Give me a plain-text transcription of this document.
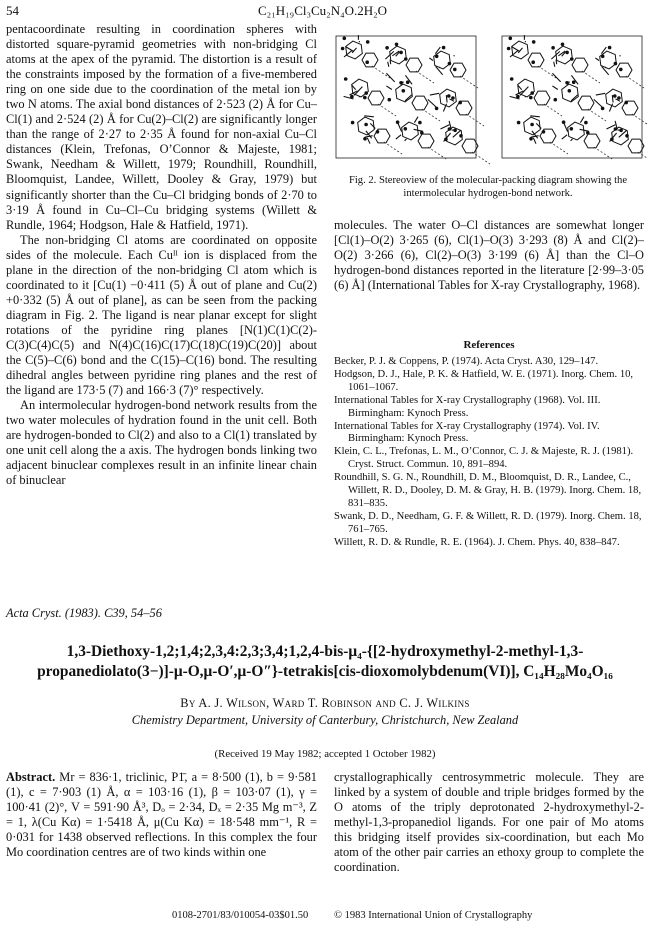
54	C₂₁H₁₉Cl₃Cu₂N₄O.2H₂O

pentacoordinate resulting in coordination spheres with distorted square-pyramid geometries with non-bridging Cl atoms at the apex of the pyramid. The distortion is a result of the constraints imposed by the formation of a five-membered ring on one side due to the coordination of the metal ion by two N atoms. The axial bond distances of 2·523 (2) Å for Cu–Cl(1) and 2·524 (2) Å for Cu(2)–Cl(2) are significantly longer than the range of 2·27 to 2·35 Å found for non-axial Cu–Cl distances (Klein, Trefonas, O’Connor & Majeste, 1981; Swank, Needham & Willett, 1979; Roundhill, Roundhill, Bloomquist, Landee, Willett, Dooley & Gray, 1979) but significantly shorter than the Cu–Cl bridging bonds of 2·70 to 3·19 Å found in Cu–Cl–Cu bridging systems (Willett & Rundle, 1964; Hodgson, Hale & Hatfield, 1971).

The non-bridging Cl atoms are coordinated on opposite sides of the molecule. Each Cuᴵᴵ ion is displaced from the plane in the direction of the non-bridging Cl atom which is coordinated to it [Cu(1) −0·411 (5) Å out of plane and Cu(2) +0·332 (5) Å out of plane], as can be seen from the packing diagram in Fig. 2. The ligand is near planar except for slight rotations of the pyridine ring planes [N(1)C(1)C(2)-C(3)C(4)C(5) and N(4)C(16)C(17)C(18)C(19)C(20)] about the C(5)–C(6) bond and the C(15)–C(16) bond. The resulting dihedral angles between pyridine ring planes and the rest of the ligand are 173·5 (7) and 166·3 (7)° respectively.

An intermolecular hydrogen-bond network results from the two water molecules of hydration found in the unit cell. Both are hydrogen-bonded to Cl(2) and also to a Cl(1) translated by one unit cell along the a axis. The hydrogen bonds linking two adjacent binuclear complexes result in an infinite linear chain of binuclear

Fig. 2. Stereoview of the molecular-packing diagram showing the intermolecular hydrogen-bond network.
molecules. The water O–Cl distances are somewhat longer [Cl(1)–O(2) 3·265 (6), Cl(1)–O(3) 3·293 (8) Å and Cl(2)–O(2) 3·266 (6), Cl(2)–O(3) 3·199 (6) Å] than the Cl–O hydrogen-bond distances reported in the literature [2·99–3·05 (6) Å] (International Tables for X-ray Crystallography, 1968).
References

Becker, P. J. & Coppens, P. (1974). Acta Cryst. A30, 129–147.

Hodgson, D. J., Hale, P. K. & Hatfield, W. E. (1971). Inorg. Chem. 10, 1061–1067.

International Tables for X-ray Crystallography (1968). Vol. III. Birmingham: Kynoch Press.

International Tables for X-ray Crystallography (1974). Vol. IV. Birmingham: Kynoch Press.

Klein, C. L., Trefonas, L. M., O’Connor, C. J. & Majeste, R. J. (1981). Cryst. Struct. Commun. 10, 891–894.

Roundhill, S. G. N., Roundhill, D. M., Bloomquist, D. R., Landee, C., Willett, R. D., Dooley, D. M. & Gray, H. B. (1979). Inorg. Chem. 18, 831–835.

Swank, D. D., Needham, G. F. & Willett, R. D. (1979). Inorg. Chem. 18, 761–765.

Willett, R. D. & Rundle, R. E. (1964). J. Chem. Phys. 40, 838–847.

Acta Cryst. (1983). C39, 54–56
1,3-Diethoxy-1,2;1,4;2,3,4:2,3;3,4;1,2,4-bis-μ₄-{[2-hydroxymethyl-2-methyl-1,3-propanediolato(3−)]-μ-O,μ-O′,μ-O″}-tetrakis[cis-dioxomolybdenum(VI)], C₁₄H₂₈Mo₄O₁₆
By A. J. Wilson, Ward T. Robinson and C. J. Wilkins
Chemistry Department, University of Canterbury, Christchurch, New Zealand
(Received 19 May 1982; accepted 1 October 1982)
Abstract. Mr = 836·1, triclinic, P1̄, a = 8·500 (1), b = 9·581 (1), c = 7·903 (1) Å, α = 103·16 (1), β = 103·07 (1), γ = 100·41 (2)°, V = 591·90 Å³, Dₒ = 2·34, Dₓ = 2·35 Mg m⁻³, Z = 1, λ(Cu Kα) = 1·5418 Å, μ(Cu Kα) = 18·548 mm⁻¹, R = 0·031 for 1438 observed reflections. In this complex the four Mo coordination centres are of two kinds within one
crystallographically centrosymmetric molecule. They are linked by a system of double and triple bridges formed by the O atoms of the triply deprotonated 2-hydroxymethyl-2-methyl-1,3-propanediol ligands. For one pair of Mo atoms this bridging itself provides six-coordination, but each Mo atom of the other pair carries an ethoxy group to complete the coordination.
0108-2701/83/010054-03$01.50 © 1983 International Union of Crystallography
